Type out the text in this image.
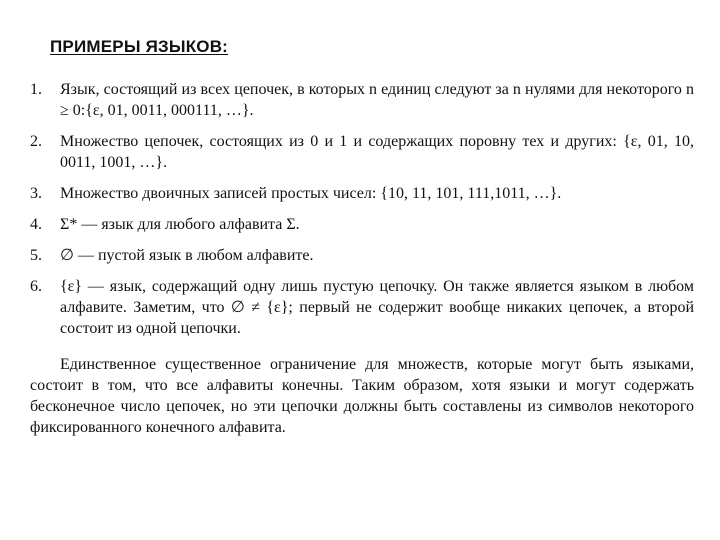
ПРИМЕРЫ ЯЗЫКОВ:
1. Язык, состоящий из всех цепочек, в которых n единиц следуют за n нулями для некоторого n ≥ 0:{ε, 01, 0011, 000111, …}.
2. Множество цепочек, состоящих из 0 и 1 и содержащих поровну тех и других: {ε, 01, 10, 0011, 1001, …}.
3. Множество двоичных записей простых чисел: {10, 11, 101, 111,1011, …}.
4. Σ* — язык для любого алфавита Σ.
5. ∅ — пустой язык в любом алфавите.
6. {ε} — язык, содержащий одну лишь пустую цепочку. Он также является языком в любом алфавите. Заметим, что ∅ ≠ {ε}; первый не содержит вообще никаких цепочек, а второй состоит из одной цепочки.
Единственное существенное ограничение для множеств, которые могут быть языками, состоит в том, что все алфавиты конечны. Таким образом, хотя языки и могут содержать бесконечное число цепочек, но эти цепочки должны быть составлены из символов некоторого фиксированного конечного алфавита.
